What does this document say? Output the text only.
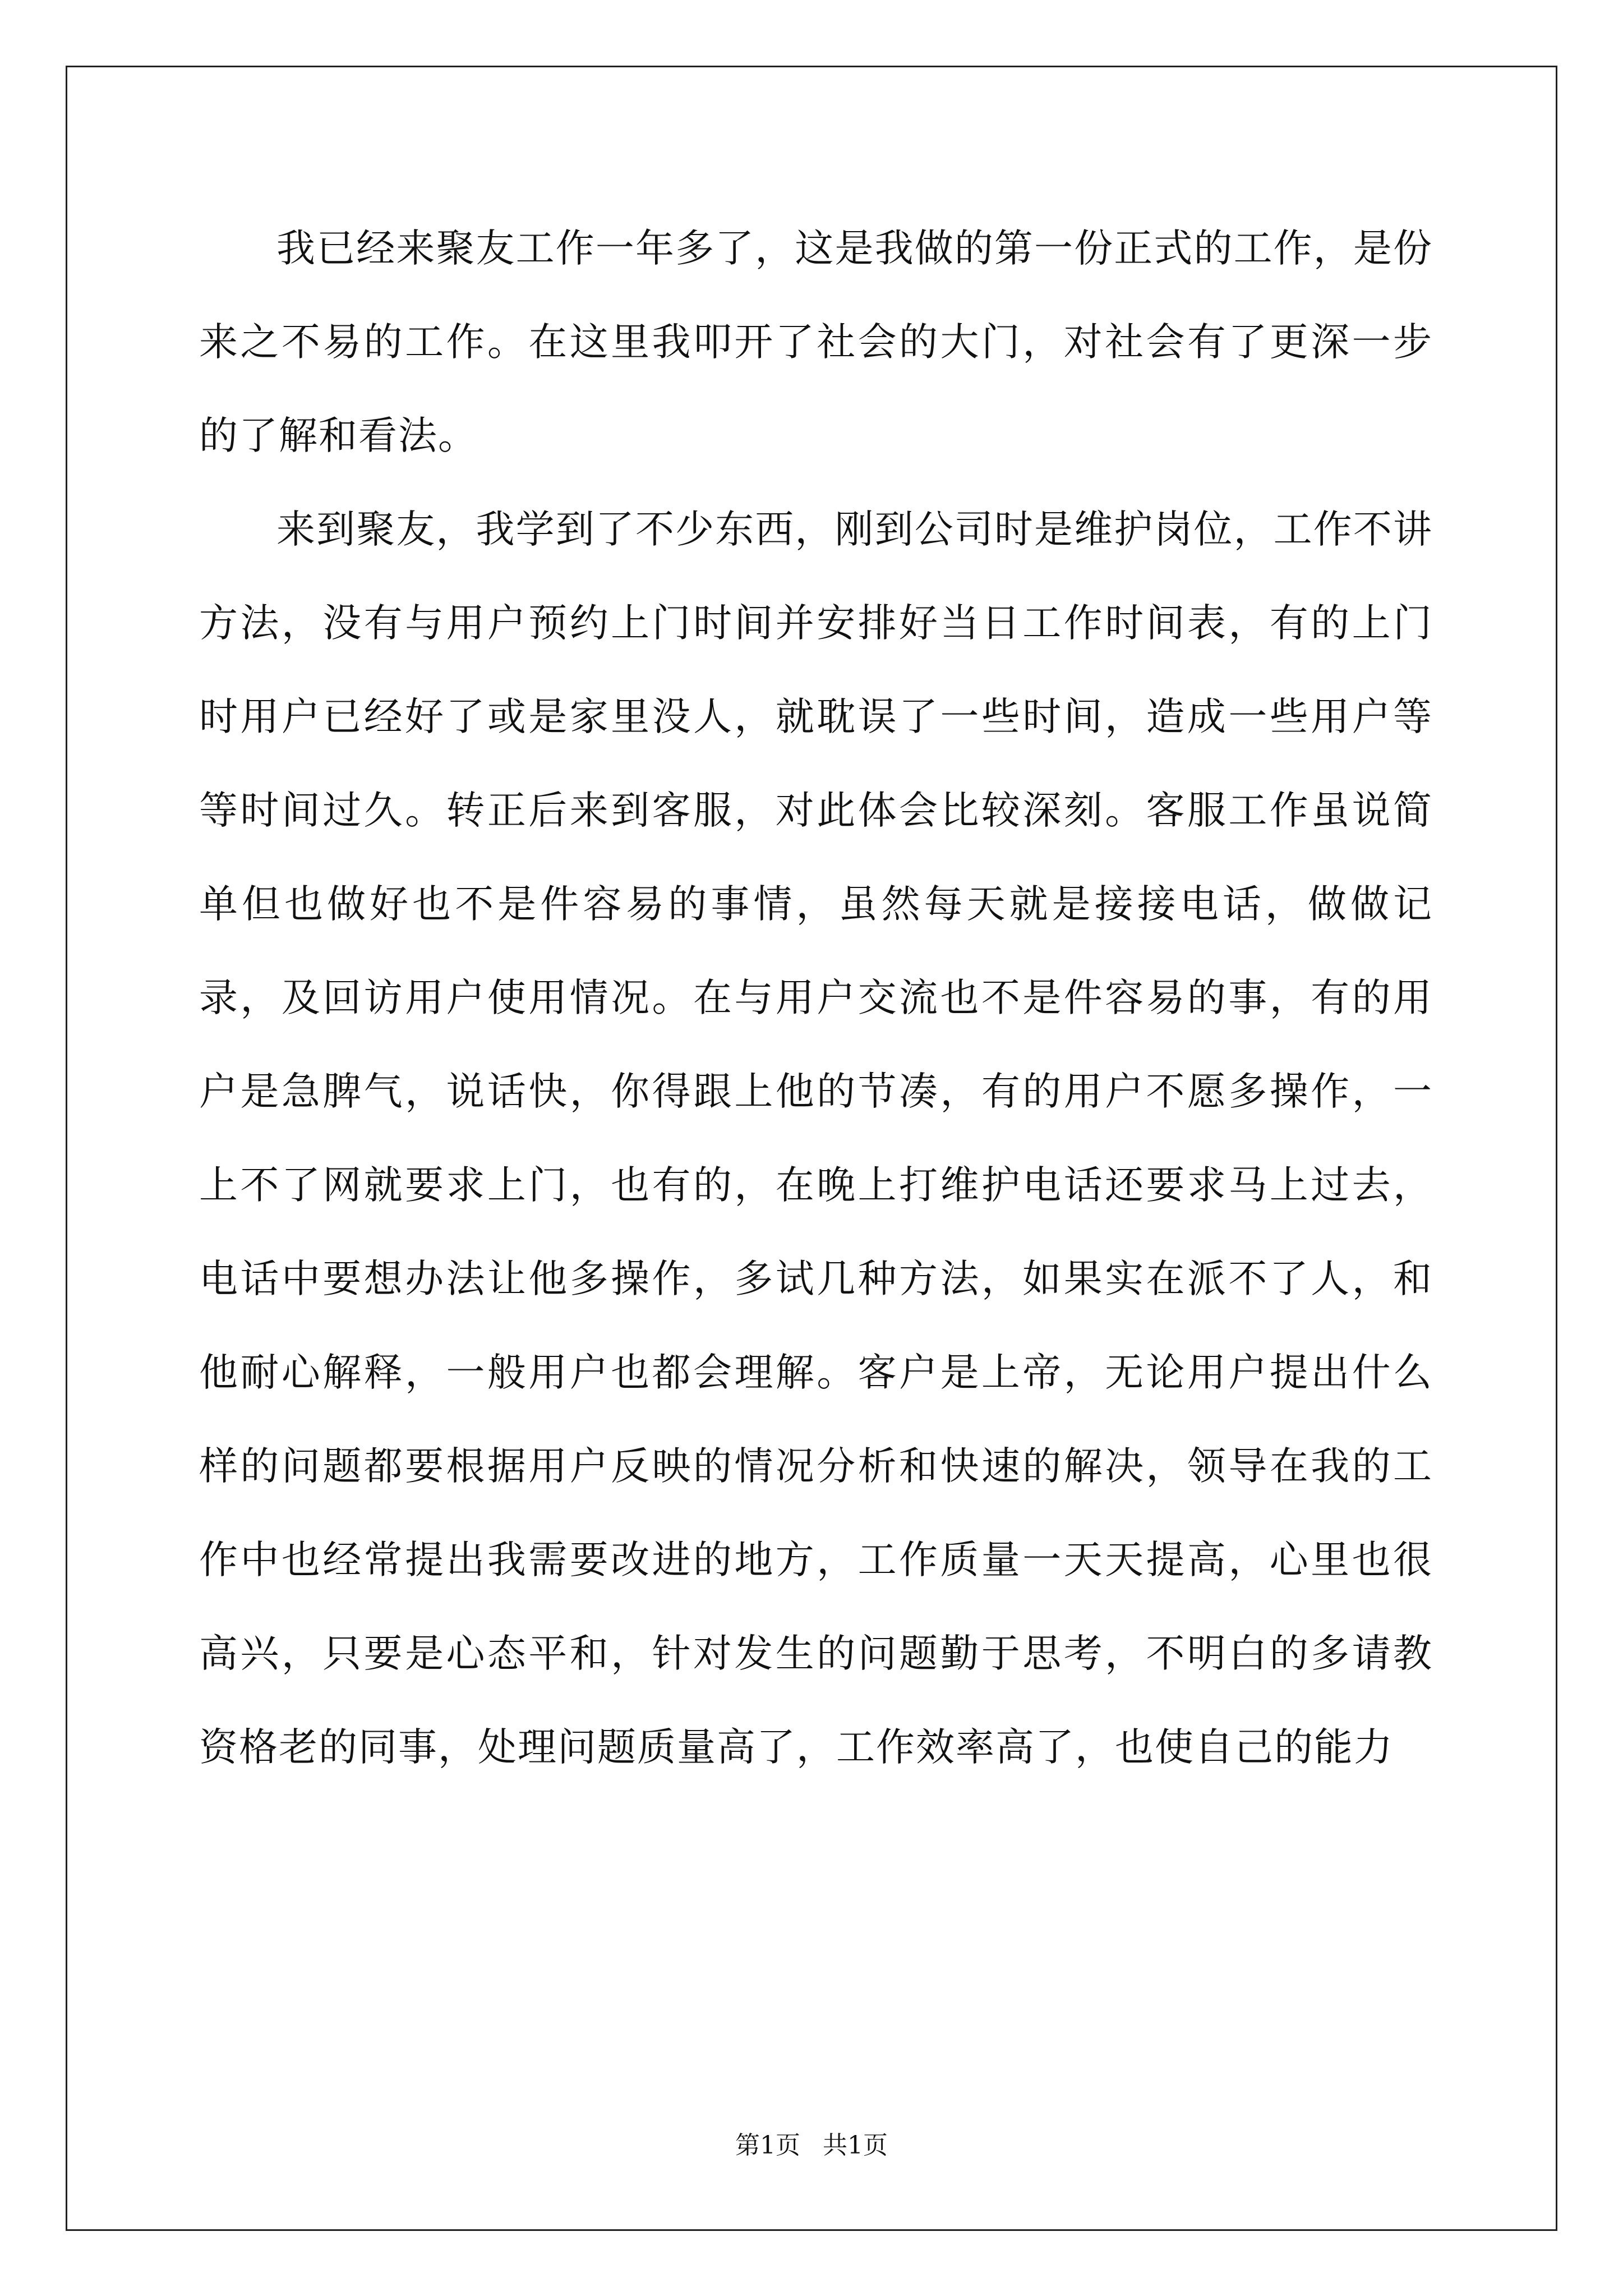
我已经来聚友工作一年多了，这是我做的第一份正式的工作，是份来之不易的工作。在这里我叩开了社会的大门，对社会有了更深一步的了解和看法。

来到聚友，我学到了不少东西，刚到公司时是维护岗位，工作不讲方法，没有与用户预约上门时间并安排好当日工作时间表，有的上门时用户已经好了或是家里没人，就耽误了一些时间，造成一些用户等等时间过久。转正后来到客服，对此体会比较深刻。客服工作虽说简单但也做好也不是件容易的事情，虽然每天就是接接电话，做做记录，及回访用户使用情况。在与用户交流也不是件容易的事，有的用户是急脾气，说话快，你得跟上他的节凑，有的用户不愿多操作，一上不了网就要求上门，也有的，在晚上打维护电话还要求马上过去，电话中要想办法让他多操作，多试几种方法，如果实在派不了人，和他耐心解释，一般用户也都会理解。客户是上帝，无论用户提出什么样的问题都要根据用户反映的情况分析和快速的解决，领导在我的工作中也经常提出我需要改进的地方，工作质量一天天提高，心里也很高兴，只要是心态平和，针对发生的问题勤于思考，不明白的多请教资格老的同事，处理问题质量高了，工作效率高了，也使自己的能力

第1页 共1页
